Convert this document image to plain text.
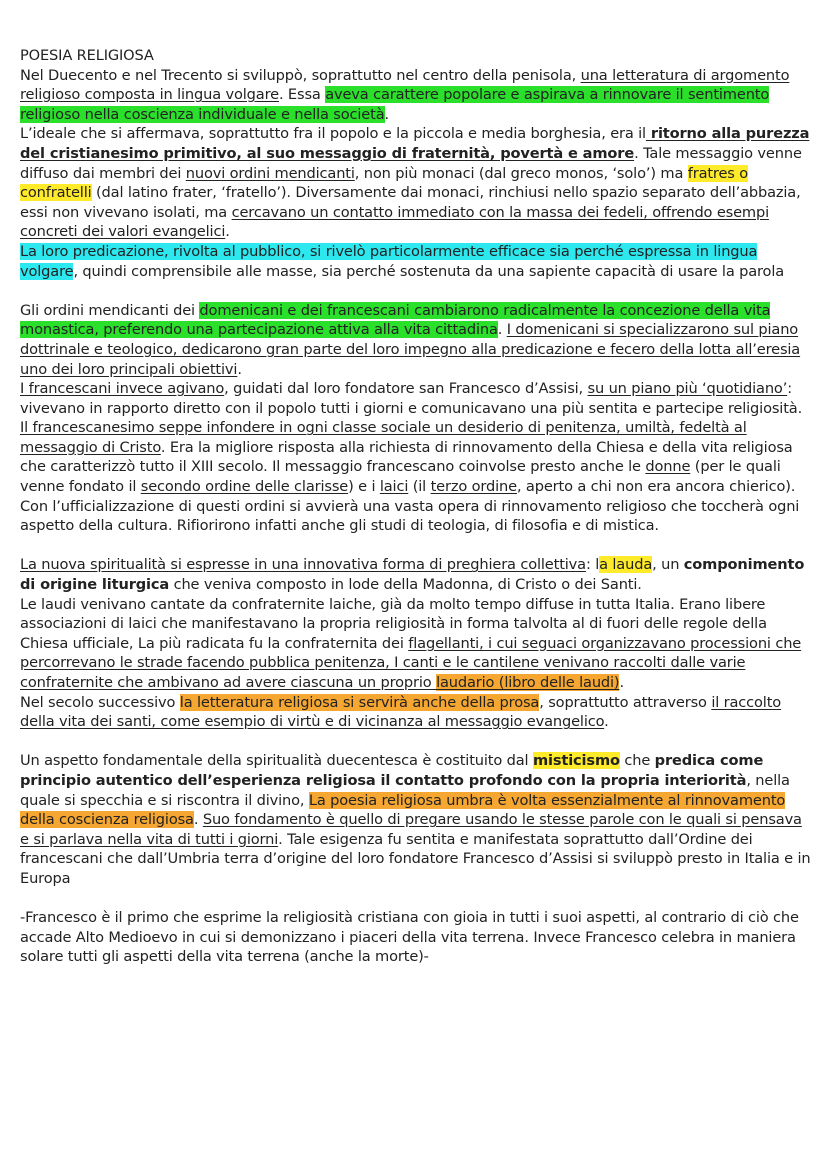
POESIA RELIGIOSA

Nel Duecento e nel Trecento si sviluppò, soprattutto nel centro della penisola, una letteratura di argomento religioso composta in lingua volgare. Essa aveva carattere popolare e aspirava a rinnovare il sentimento religioso nella coscienza individuale e nella società.

L’ideale che si affermava, soprattutto fra il popolo e la piccola e media borghesia, era il ritorno alla purezza del cristianesimo primitivo, al suo messaggio di fraternità, povertà e amore. Tale messaggio venne diffuso dai membri dei nuovi ordini mendicanti, non più monaci (dal greco monos, ‘solo’) ma fratres o confratelli (dal latino frater, ‘fratello’). Diversamente dai monaci, rinchiusi nello spazio separato dell’abbazia, essi non vivevano isolati, ma cercavano un contatto immediato con la massa dei fedeli, offrendo esempi concreti dei valori evangelici.

La loro predicazione, rivolta al pubblico, si rivelò particolarmente efficace sia perché espressa in lingua volgare, quindi comprensibile alle masse, sia perché sostenuta da una sapiente capacità di usare la parola

Gli ordini mendicanti dei domenicani e dei francescani cambiarono radicalmente la concezione della vita monastica, preferendo una partecipazione attiva alla vita cittadina. I domenicani si specializzarono sul piano dottrinale e teologico, dedicarono gran parte del loro impegno alla predicazione e fecero della lotta all’eresia uno dei loro principali obiettivi.

I francescani invece agivano, guidati dal loro fondatore san Francesco d’Assisi, su un piano più ‘quotidiano’: vivevano in rapporto diretto con il popolo tutti i giorni e comunicavano una più sentita e partecipe religiosità. Il francescanesimo seppe infondere in ogni classe sociale un desiderio di penitenza, umiltà, fedeltà al messaggio di Cristo. Era la migliore risposta alla richiesta di rinnovamento della Chiesa e della vita religiosa che caratterizzò tutto il XIII secolo. Il messaggio francescano coinvolse presto anche le donne (per le quali venne fondato il secondo ordine delle clarisse) e i laici (il terzo ordine, aperto a chi non era ancora chierico).

Con l’ufficializzazione di questi ordini si avvierà una vasta opera di rinnovamento religioso che toccherà ogni aspetto della cultura. Rifiorirono infatti anche gli studi di teologia, di filosofia e di mistica.

La nuova spiritualità si espresse in una innovativa forma di preghiera collettiva: la lauda, un componimento di origine liturgica che veniva composto in lode della Madonna, di Cristo o dei Santi.

Le laudi venivano cantate da confraternite laiche, già da molto tempo diffuse in tutta Italia. Erano libere associazioni di laici che manifestavano la propria religiosità in forma talvolta al di fuori delle regole della Chiesa ufficiale, La più radicata fu la confraternita dei flagellanti, i cui seguaci organizzavano processioni che percorrevano le strade facendo pubblica penitenza, I canti e le cantilene venivano raccolti dalle varie confraternite che ambivano ad avere ciascuna un proprio laudario (libro delle laudi).

Nel secolo successivo la letteratura religiosa si servirà anche della prosa, soprattutto attraverso il raccolto della vita dei santi, come esempio di virtù e di vicinanza al messaggio evangelico.

Un aspetto fondamentale della spiritualità duecentesca è costituito dal misticismo che predica come principio autentico dell’esperienza religiosa il contatto profondo con la propria interiorità, nella quale si specchia e si riscontra il divino, La poesia religiosa umbra è volta essenzialmente al rinnovamento della coscienza religiosa. Suo fondamento è quello di pregare usando le stesse parole con le quali si pensava e si parlava nella vita di tutti i giorni. Tale esigenza fu sentita e manifestata soprattutto dall’Ordine dei francescani che dall’Umbria terra d’origine del loro fondatore Francesco d’Assisi si sviluppò presto in Italia e in Europa

-Francesco è il primo che esprime la religiosità cristiana con gioia in tutti i suoi aspetti, al contrario di ciò che accade Alto Medioevo in cui si demonizzano i piaceri della vita terrena. Invece Francesco celebra in maniera solare tutti gli aspetti della vita terrena (anche la morte)-
